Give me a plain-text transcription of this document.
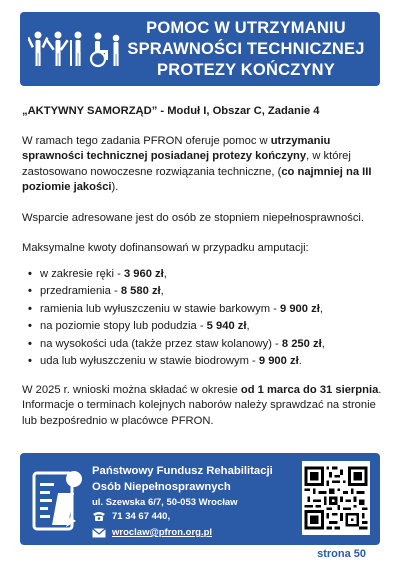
POMOC W UTRZYMANIU
SPRAWNOŚCI TECHNICZNEJ
PROTEZY KOŃCZYNY
„AKTYWNY SAMORZĄD” - Moduł I, Obszar C, Zadanie 4

W ramach tego zadania PFRON oferuje pomoc w utrzymaniu sprawności technicznej posiadanej protezy kończyny, w której zastosowano nowoczesne rozwiązania techniczne, (co najmniej na III poziomie jakości).

Wsparcie adresowane jest do osób ze stopniem niepełnosprawności.

Maksymalne kwoty dofinansowań w przypadku amputacji:

• w zakresie ręki - 3 960 zł,
• przedramienia - 8 580 zł,
• ramienia lub wyłuszczeniu w stawie barkowym - 9 900 zł,
• na poziomie stopy lub podudzia - 5 940 zł,
• na wysokości uda (także przez staw kolanowy) - 8 250 zł,
• uda lub wyłuszczeniu w stawie biodrowym - 9 900 zł.

W 2025 r. wnioski można składać w okresie od 1 marca do 31 sierpnia. Informacje o terminach kolejnych naborów należy sprawdzać na stronie lub bezpośrednio w placówce PFRON.

Państwowy Fundusz Rehabilitacji
Osób Niepełnosprawnych
ul. Szewska 6/7, 50-053 Wrocław
71 34 67 440,
wroclaw@pfron.org.pl
strona 50
